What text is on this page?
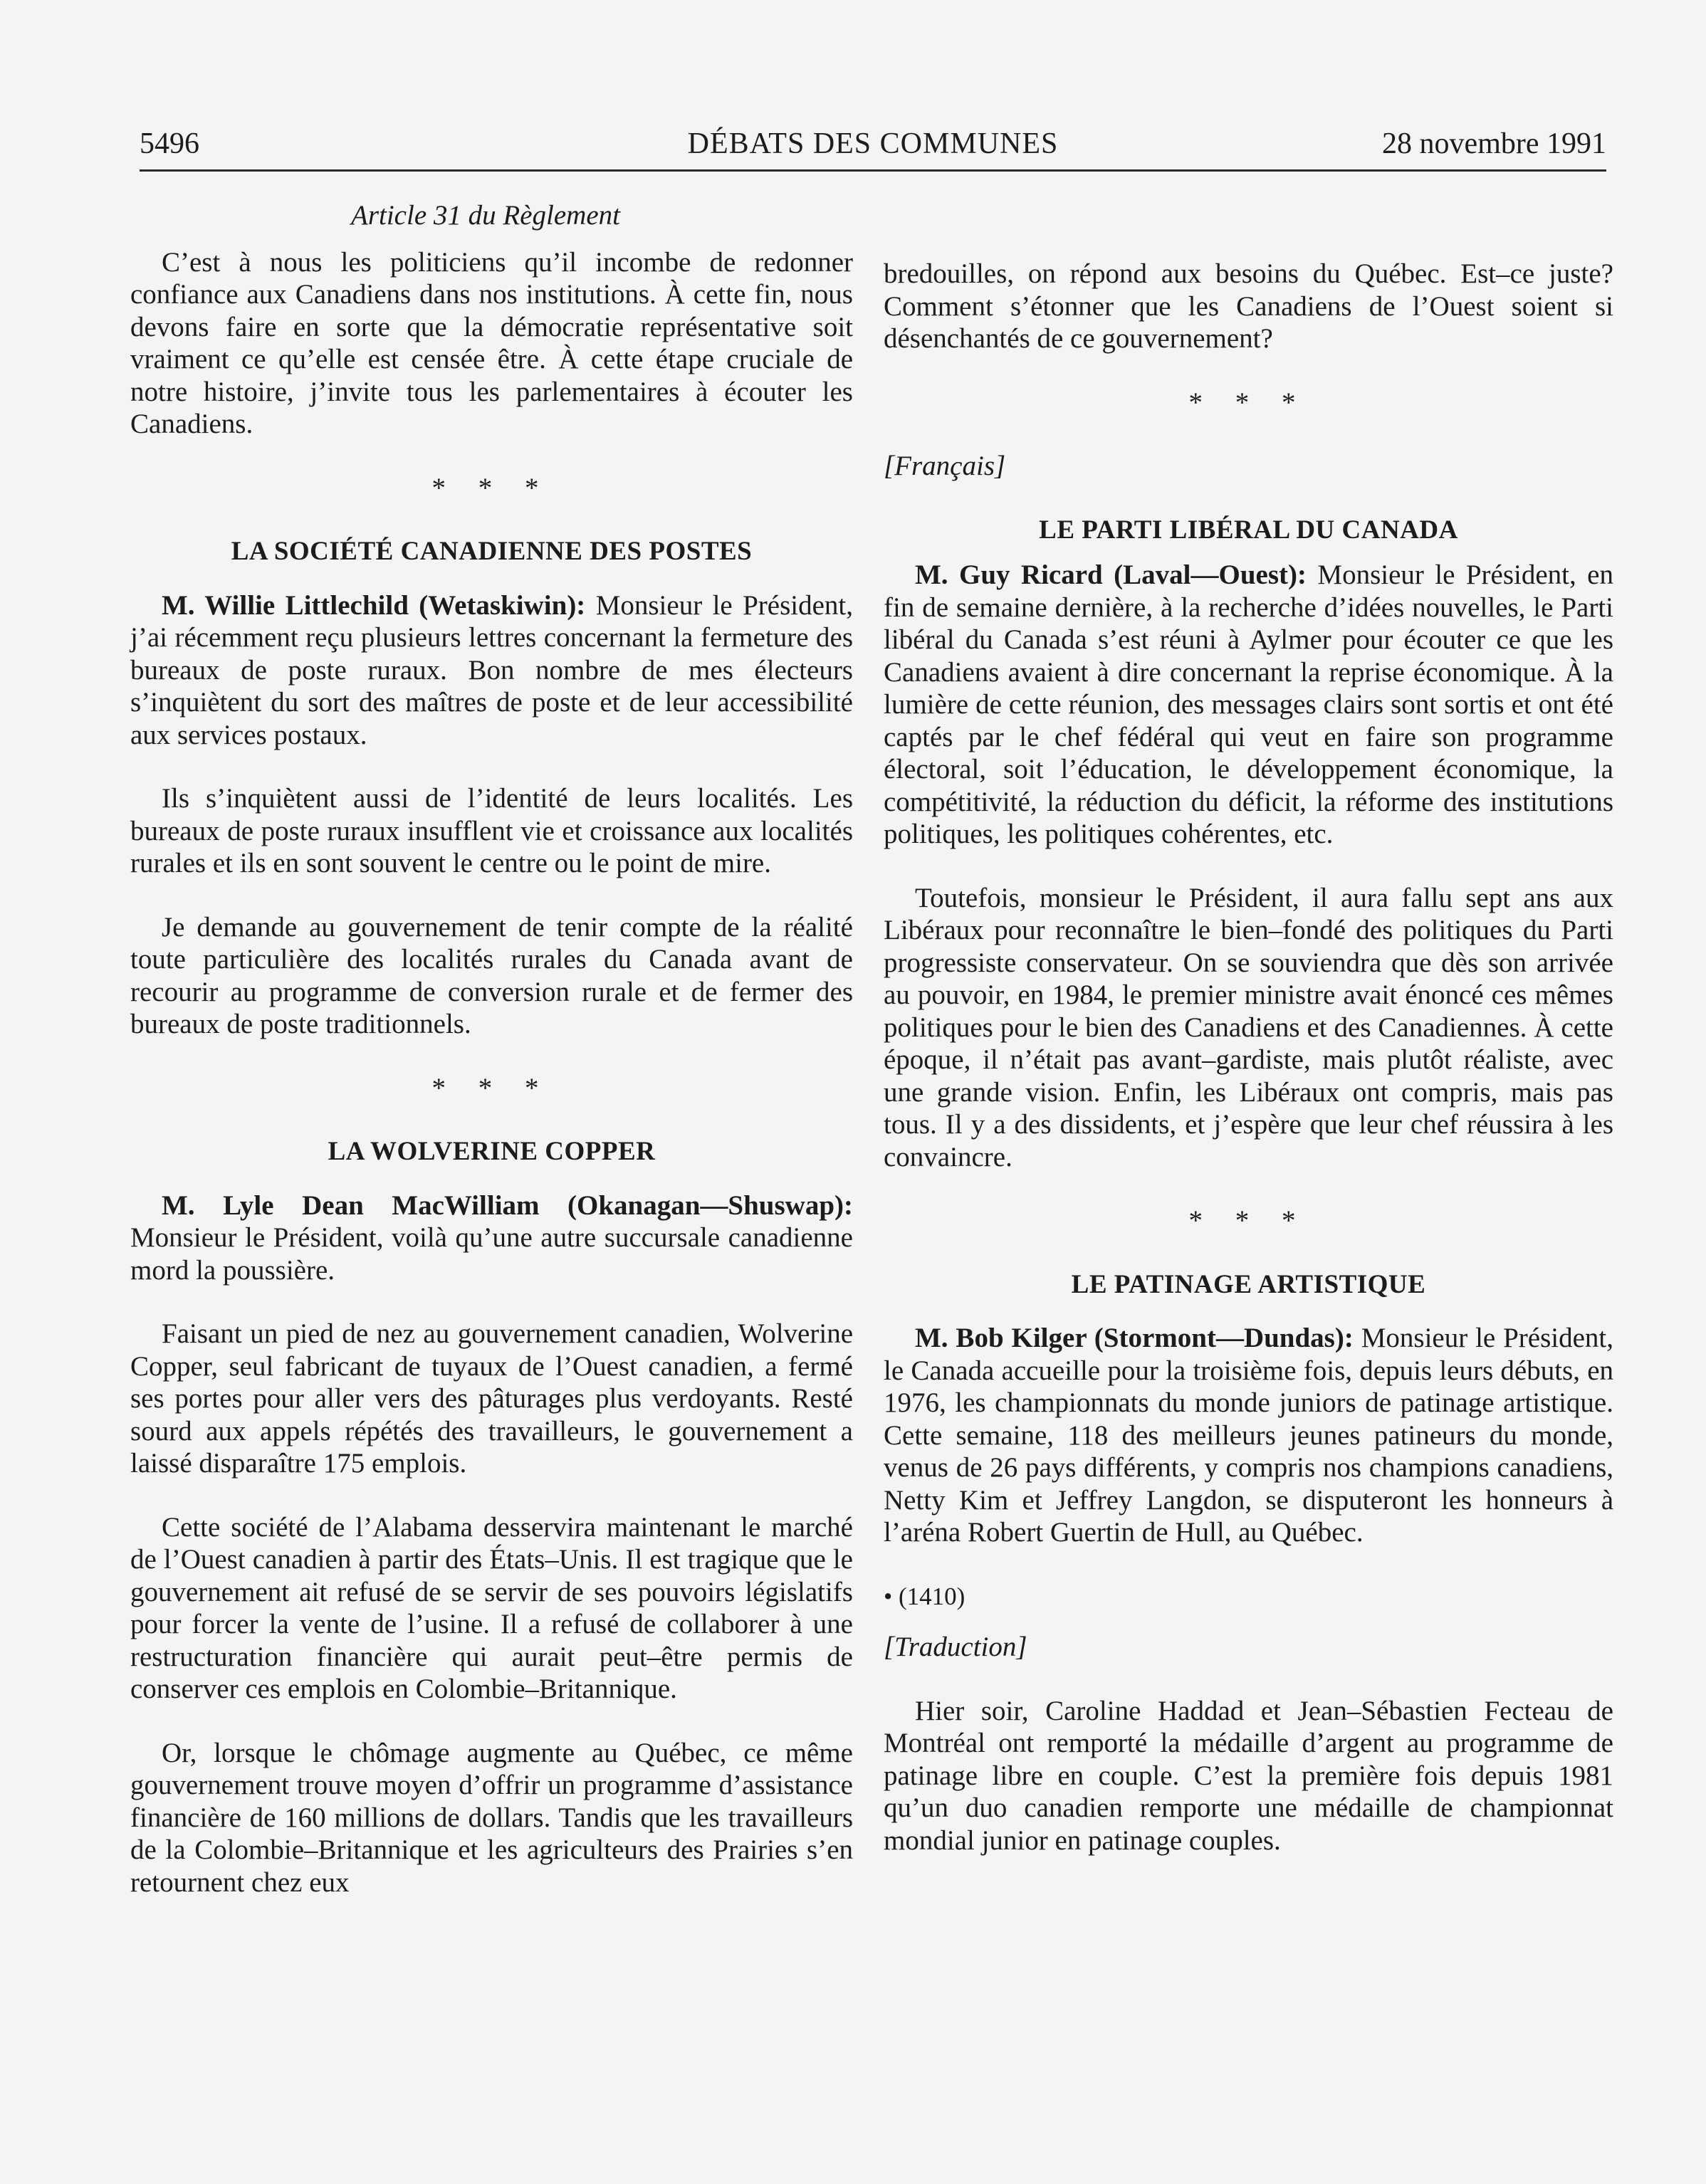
5496	DÉBATS DES COMMUNES	28 novembre 1991
Article 31 du Règlement

C’est à nous les politiciens qu’il incombe de redonner confiance aux Canadiens dans nos institutions. À cette fin, nous devons faire en sorte que la démocratie représentative soit vraiment ce qu’elle est censée être. À cette étape cruciale de notre histoire, j’invite tous les parlementaires à écouter les Canadiens.

* * *
LA SOCIÉTÉ CANADIENNE DES POSTES

M. Willie Littlechild (Wetaskiwin): Monsieur le Président, j’ai récemment reçu plusieurs lettres concernant la fermeture des bureaux de poste ruraux. Bon nombre de mes électeurs s’inquiètent du sort des maîtres de poste et de leur accessibilité aux services postaux.

Ils s’inquiètent aussi de l’identité de leurs localités. Les bureaux de poste ruraux insufflent vie et croissance aux localités rurales et ils en sont souvent le centre ou le point de mire.

Je demande au gouvernement de tenir compte de la réalité toute particulière des localités rurales du Canada avant de recourir au programme de conversion rurale et de fermer des bureaux de poste traditionnels.

* * *
LA WOLVERINE COPPER

M. Lyle Dean MacWilliam (Okanagan—Shuswap): Monsieur le Président, voilà qu’une autre succursale canadienne mord la poussière.

Faisant un pied de nez au gouvernement canadien, Wolverine Copper, seul fabricant de tuyaux de l’Ouest canadien, a fermé ses portes pour aller vers des pâturages plus verdoyants. Resté sourd aux appels répétés des travailleurs, le gouvernement a laissé disparaître 175 emplois.

Cette société de l’Alabama desservira maintenant le marché de l’Ouest canadien à partir des États–Unis. Il est tragique que le gouvernement ait refusé de se servir de ses pouvoirs législatifs pour forcer la vente de l’usine. Il a refusé de collaborer à une restructuration financière qui aurait peut–être permis de conserver ces emplois en Colombie–Britannique.

Or, lorsque le chômage augmente au Québec, ce même gouvernement trouve moyen d’offrir un programme d’assistance financière de 160 millions de dollars. Tandis que les travailleurs de la Colombie–Britannique et les agriculteurs des Prairies s’en retournent chez eux

bredouilles, on répond aux besoins du Québec. Est–ce juste? Comment s’étonner que les Canadiens de l’Ouest soient si désenchantés de ce gouvernement?

* * *

[Français]

LE PARTI LIBÉRAL DU CANADA

M. Guy Ricard (Laval—Ouest): Monsieur le Président, en fin de semaine dernière, à la recherche d’idées nouvelles, le Parti libéral du Canada s’est réuni à Aylmer pour écouter ce que les Canadiens avaient à dire concernant la reprise économique. À la lumière de cette réunion, des messages clairs sont sortis et ont été captés par le chef fédéral qui veut en faire son programme électoral, soit l’éducation, le développement économique, la compétitivité, la réduction du déficit, la réforme des institutions politiques, les politiques cohérentes, etc.

Toutefois, monsieur le Président, il aura fallu sept ans aux Libéraux pour reconnaître le bien–fondé des politiques du Parti progressiste conservateur. On se souviendra que dès son arrivée au pouvoir, en 1984, le premier ministre avait énoncé ces mêmes politiques pour le bien des Canadiens et des Canadiennes. À cette époque, il n’était pas avant–gardiste, mais plutôt réaliste, avec une grande vision. Enfin, les Libéraux ont compris, mais pas tous. Il y a des dissidents, et j’espère que leur chef réussira à les convaincre.

* * *
LE PATINAGE ARTISTIQUE

M. Bob Kilger (Stormont—Dundas): Monsieur le Président, le Canada accueille pour la troisième fois, depuis leurs débuts, en 1976, les championnats du monde juniors de patinage artistique. Cette semaine, 118 des meilleurs jeunes patineurs du monde, venus de 26 pays différents, y compris nos champions canadiens, Netty Kim et Jeffrey Langdon, se disputeront les honneurs à l’aréna Robert Guertin de Hull, au Québec.

• (1410)

[Traduction]

Hier soir, Caroline Haddad et Jean–Sébastien Fecteau de Montréal ont remporté la médaille d’argent au programme de patinage libre en couple. C’est la première fois depuis 1981 qu’un duo canadien remporte une médaille de championnat mondial junior en patinage couples.
